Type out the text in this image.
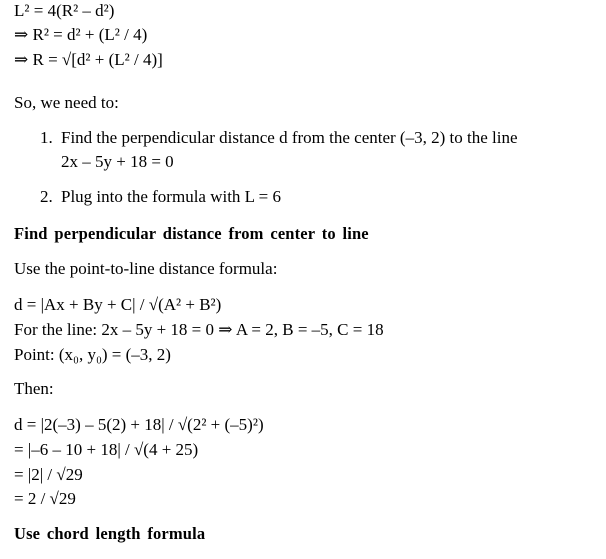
L² = 4(R² – d²)
⇒ R² = d² + (L² / 4)
⇒ R = √[d² + (L² / 4)]
So, we need to:
1. Find the perpendicular distance d from the center (–3, 2) to the line
2x – 5y + 18 = 0
2. Plug into the formula with L = 6
Find perpendicular distance from center to line
Use the point-to-line distance formula:
d = |Ax + By + C| / √(A² + B²)
For the line: 2x – 5y + 18 = 0 ⇒ A = 2, B = –5, C = 18
Point: (x₀, y₀) = (–3, 2)
Then:
d = |2(–3) – 5(2) + 18| / √(2² + (–5)²)
= |–6 – 10 + 18| / √(4 + 25)
= |2| / √29
= 2 / √29
Use chord length formula
